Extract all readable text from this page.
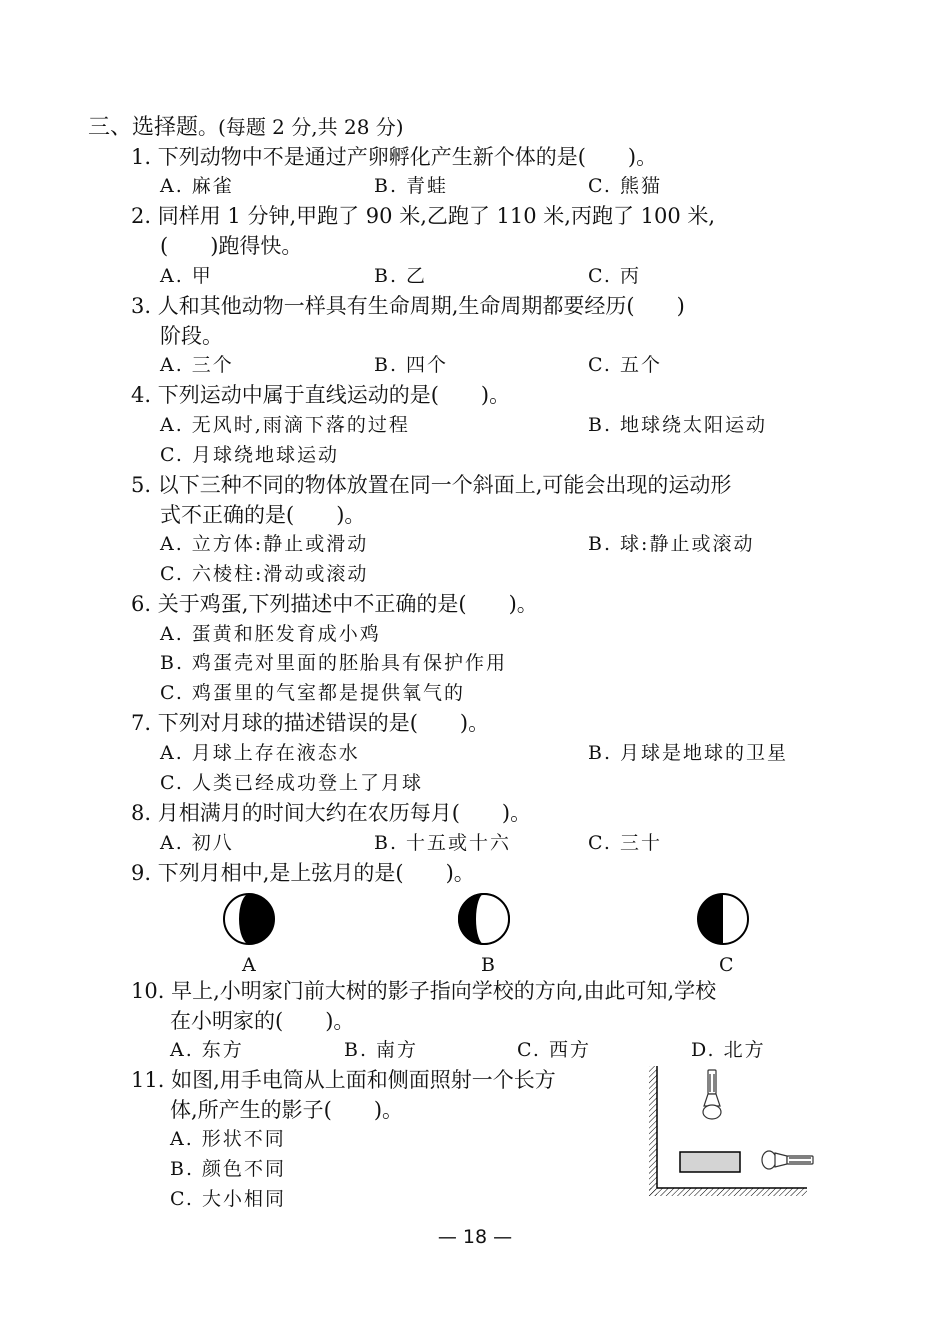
三、选择题。(每题 2 分,共 28 分)
1. 下列动物中不是通过产卵孵化产生新个体的是(　　)。
A. 麻雀	B. 青蛙	C. 熊猫
2. 同样用 1 分钟,甲跑了 90 米,乙跑了 110 米,丙跑了 100 米,
(　　)跑得快。
A. 甲	B. 乙	C. 丙
3. 人和其他动物一样具有生命周期,生命周期都要经历(　　)
阶段。
A. 三个	B. 四个	C. 五个
4. 下列运动中属于直线运动的是(　　)。
A. 无风时,雨滴下落的过程	B. 地球绕太阳运动
C. 月球绕地球运动
5. 以下三种不同的物体放置在同一个斜面上,可能会出现的运动形
式不正确的是(　　)。
A. 立方体:静止或滑动	B. 球:静止或滚动
C. 六棱柱:滑动或滚动
6. 关于鸡蛋,下列描述中不正确的是(　　)。
A. 蛋黄和胚发育成小鸡
B. 鸡蛋壳对里面的胚胎具有保护作用
C. 鸡蛋里的气室都是提供氧气的
7. 下列对月球的描述错误的是(　　)。
A. 月球上存在液态水	B. 月球是地球的卫星
C. 人类已经成功登上了月球
8. 月相满月的时间大约在农历每月(　　)。
A. 初八	B. 十五或十六	C. 三十
9. 下列月相中,是上弦月的是(　　)。
A	B	C
10. 早上,小明家门前大树的影子指向学校的方向,由此可知,学校
在小明家的(　　)。
A. 东方	B. 南方	C. 西方	D. 北方
11. 如图,用手电筒从上面和侧面照射一个长方
体,所产生的影子(　　)。
A. 形状不同
B. 颜色不同
C. 大小相同
— 18 —
